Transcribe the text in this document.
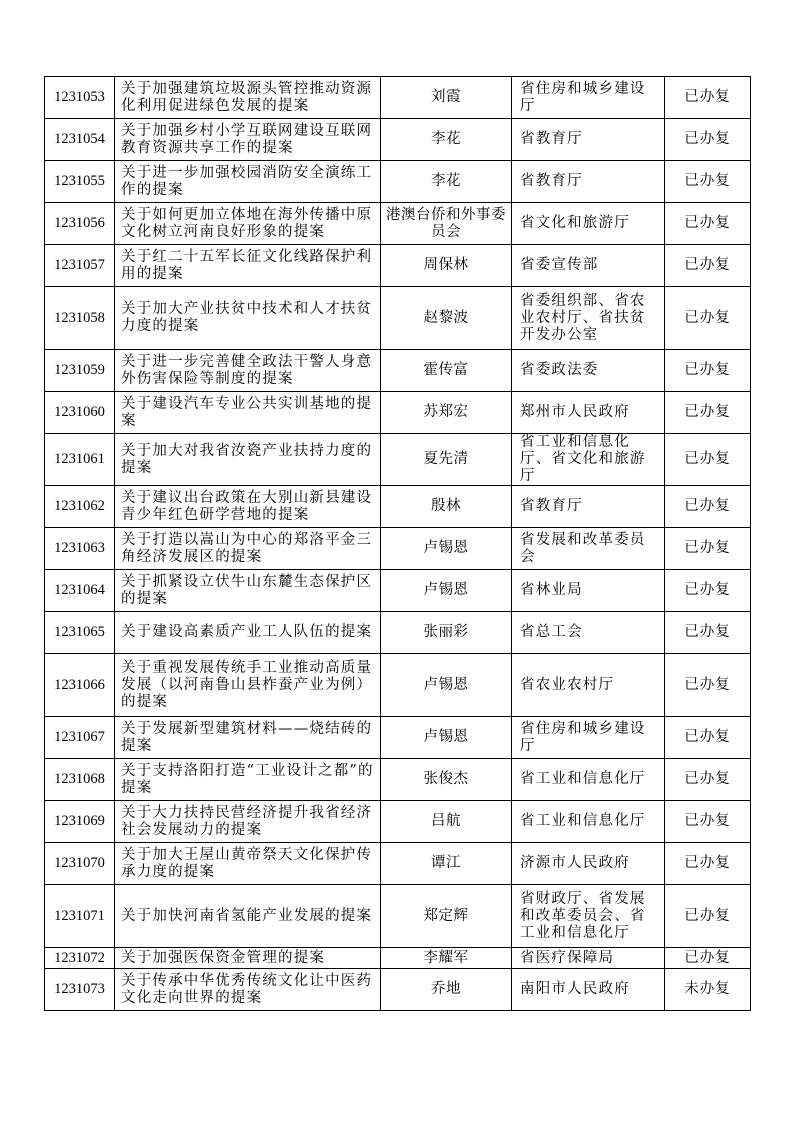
1231053	关于加强建筑垃圾源头管控推动资源化利用促进绿色发展的提案	刘霞	省住房和城乡建设厅	已办复
1231054	关于加强乡村小学互联网建设互联网教育资源共享工作的提案	李花	省教育厅	已办复
1231055	关于进一步加强校园消防安全演练工作的提案	李花	省教育厅	已办复
1231056	关于如何更加立体地在海外传播中原文化树立河南良好形象的提案	港澳台侨和外事委员会	省文化和旅游厅	已办复
1231057	关于红二十五军长征文化线路保护利用的提案	周保林	省委宣传部	已办复
1231058	关于加大产业扶贫中技术和人才扶贫力度的提案	赵黎波	省委组织部、省农业农村厅、省扶贫开发办公室	已办复
1231059	关于进一步完善健全政法干警人身意外伤害保险等制度的提案	霍传富	省委政法委	已办复
1231060	关于建设汽车专业公共实训基地的提案	苏郑宏	郑州市人民政府	已办复
1231061	关于加大对我省汝瓷产业扶持力度的提案	夏先清	省工业和信息化厅、省文化和旅游厅	已办复
1231062	关于建议出台政策在大别山新县建设青少年红色研学营地的提案	殷林	省教育厅	已办复
1231063	关于打造以嵩山为中心的郑洛平金三角经济发展区的提案	卢锡恩	省发展和改革委员会	已办复
1231064	关于抓紧设立伏牛山东麓生态保护区的提案	卢锡恩	省林业局	已办复
1231065	关于建设高素质产业工人队伍的提案	张丽彩	省总工会	已办复
1231066	关于重视发展传统手工业推动高质量发展（以河南鲁山县柞蚕产业为例）的提案	卢锡恩	省农业农村厅	已办复
1231067	关于发展新型建筑材料——烧结砖的提案	卢锡恩	省住房和城乡建设厅	已办复
1231068	关于支持洛阳打造“工业设计之都”的提案	张俊杰	省工业和信息化厅	已办复
1231069	关于大力扶持民营经济提升我省经济社会发展动力的提案	吕航	省工业和信息化厅	已办复
1231070	关于加大王屋山黄帝祭天文化保护传承力度的提案	谭江	济源市人民政府	已办复
1231071	关于加快河南省氢能产业发展的提案	郑定辉	省财政厅、省发展和改革委员会、省工业和信息化厅	已办复
1231072	关于加强医保资金管理的提案	李耀军	省医疗保障局	已办复
1231073	关于传承中华优秀传统文化让中医药文化走向世界的提案	乔地	南阳市人民政府	未办复
